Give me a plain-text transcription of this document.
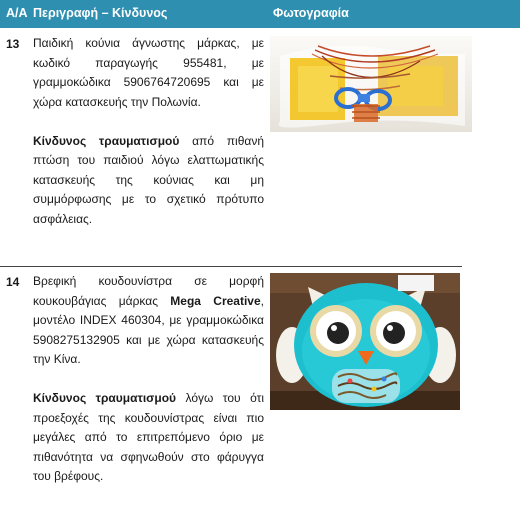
Α/Α Περιγραφή – Κίνδυνος	Φωτογραφία
13 Παιδική κούνια άγνωστης μάρκας, με κωδικό παραγωγής 955481, με γραμμοκώδικα 5906764720695 και με χώρα κατασκευής την Πολωνία.

Κίνδυνος τραυματισμού από πιθανή πτώση του παιδιού λόγω ελαττωματικής κατασκευής της κούνιας και μη συμμόρφωσης με το σχετικό πρότυπο ασφάλειας.

14 Βρεφική κουδουνίστρα σε μορφή κουκουβάγιας μάρκας Mega Creative, μοντέλο INDEX 460304, με γραμμοκώδικα 5908275132905 και με χώρα κατασκευής την Κίνα.

Κίνδυνος τραυματισμού λόγω του ότι προεξοχές της κουδουνίστρας είναι πιο μεγάλες από το επιτρεπόμενο όριο με πιθανότητα να σφηνωθούν στο φάρυγγα του βρέφους.
